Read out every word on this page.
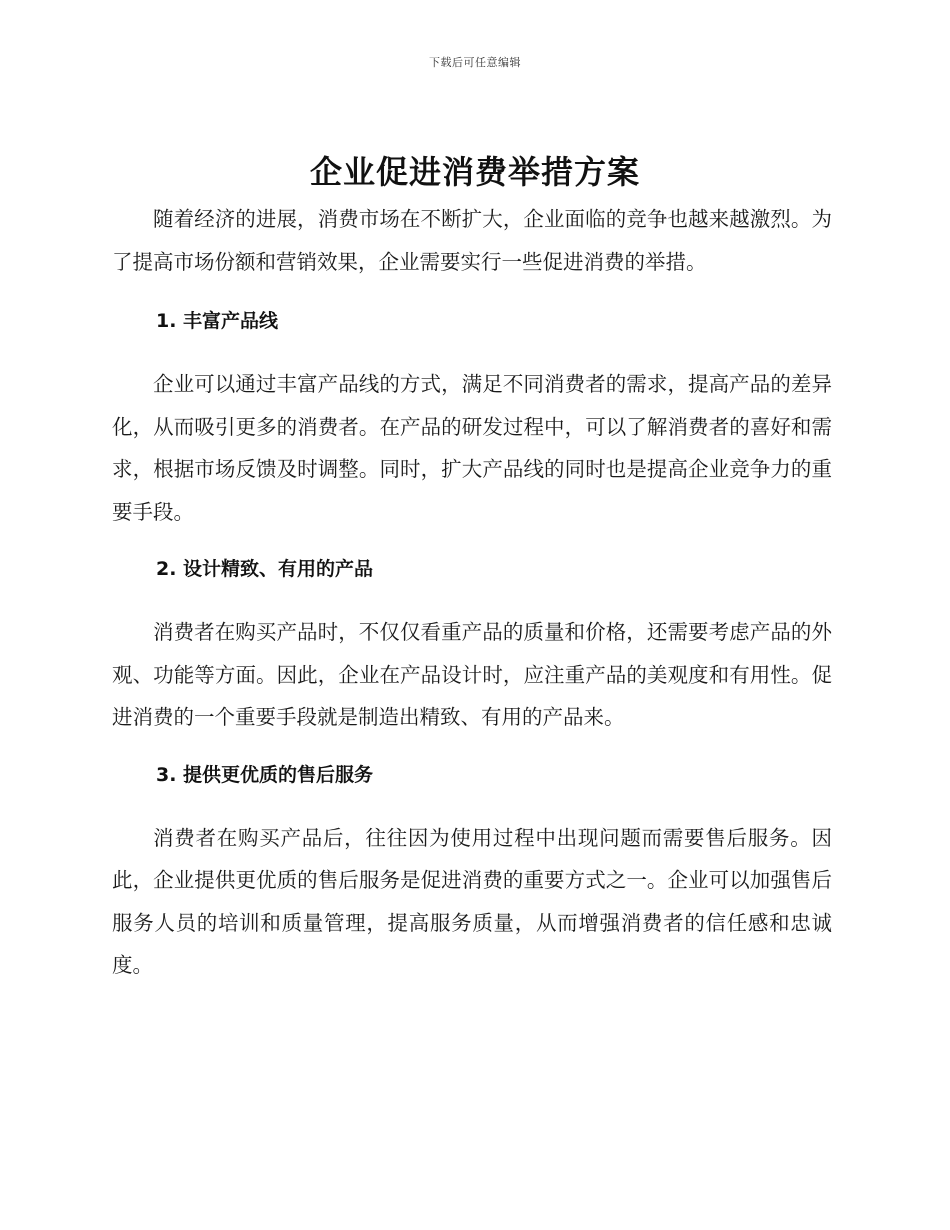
下载后可任意编辑
企业促进消费举措方案

随着经济的进展，消费市场在不断扩大，企业面临的竞争也越来越激烈。为了提高市场份额和营销效果，企业需要实行一些促进消费的举措。

1. 丰富产品线

企业可以通过丰富产品线的方式，满足不同消费者的需求，提高产品的差异化，从而吸引更多的消费者。在产品的研发过程中，可以了解消费者的喜好和需求，根据市场反馈及时调整。同时，扩大产品线的同时也是提高企业竞争力的重要手段。

2. 设计精致、有用的产品

消费者在购买产品时，不仅仅看重产品的质量和价格，还需要考虑产品的外观、功能等方面。因此，企业在产品设计时，应注重产品的美观度和有用性。促进消费的一个重要手段就是制造出精致、有用的产品来。

3. 提供更优质的售后服务

消费者在购买产品后，往往因为使用过程中出现问题而需要售后服务。因此，企业提供更优质的售后服务是促进消费的重要方式之一。企业可以加强售后服务人员的培训和质量管理，提高服务质量，从而增强消费者的信任感和忠诚度。
